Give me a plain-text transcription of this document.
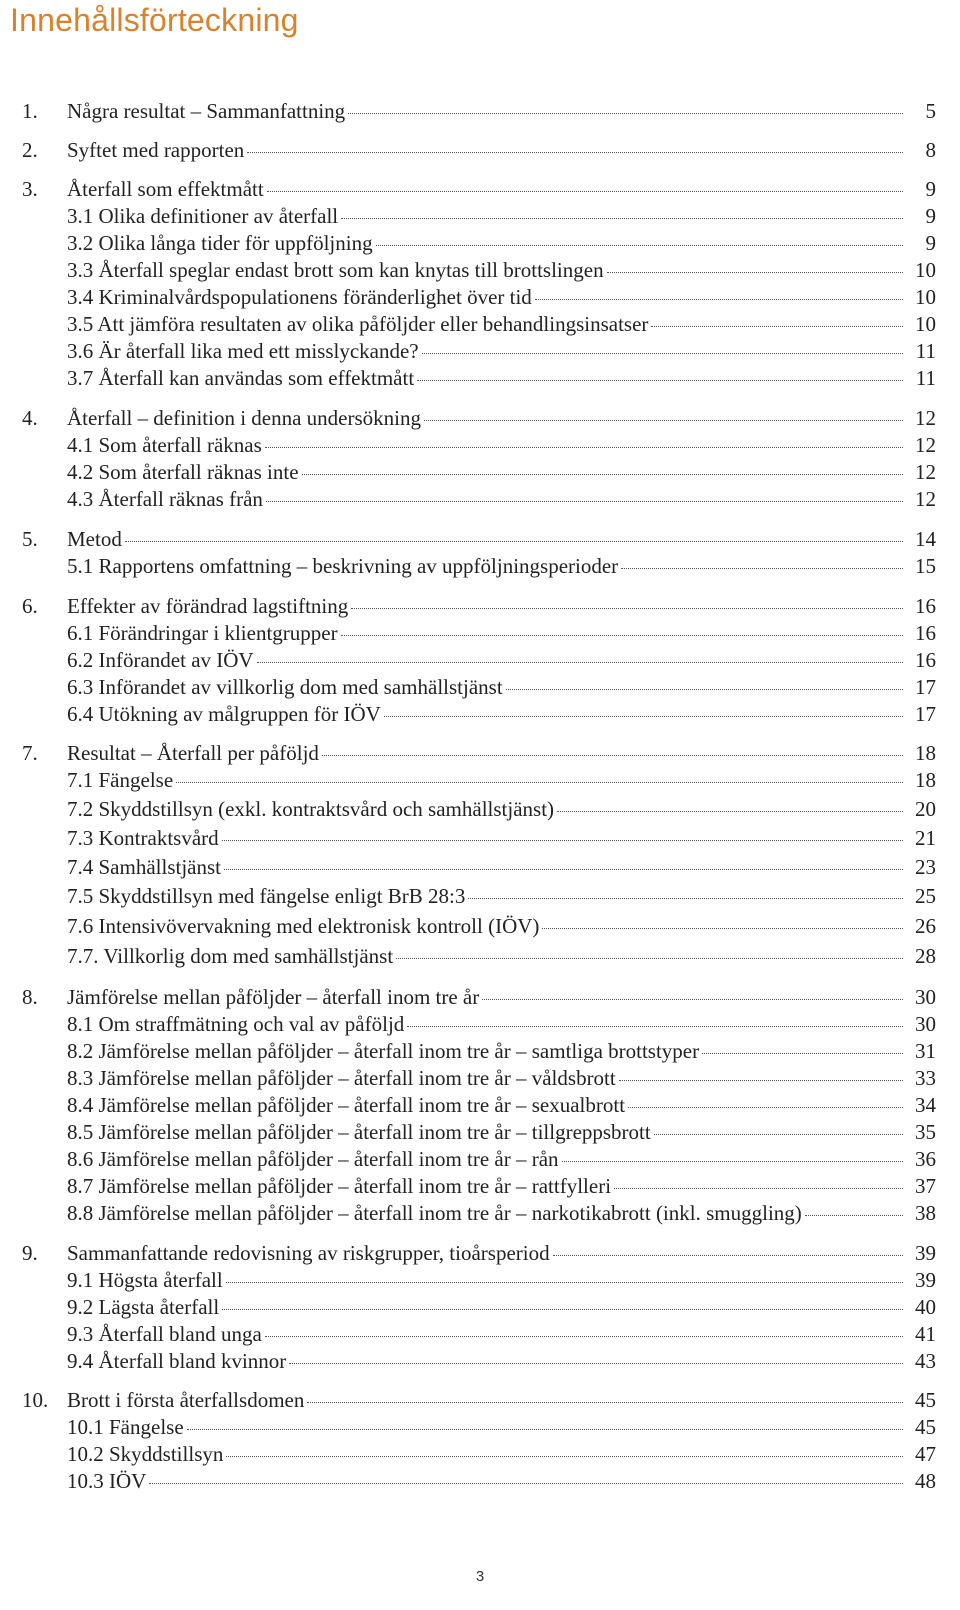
Innehållsförteckning
1.	Några resultat – Sammanfattning	5
2.	Syftet med rapporten	8
3.	Återfall som effektmått	9
3.1 Olika definitioner av återfall	9
3.2 Olika långa tider för uppföljning	9
3.3 Återfall speglar endast brott som kan knytas till brottslingen	10
3.4 Kriminalvårdspopulationens föränderlighet över tid	10
3.5 Att jämföra resultaten av olika påföljder eller behandlingsinsatser	10
3.6 Är återfall lika med ett misslyckande?	11
3.7 Återfall kan användas som effektmått	11
4.	Återfall – definition i denna undersökning	12
4.1 Som återfall räknas	12
4.2 Som återfall räknas inte	12
4.3 Återfall räknas från	12
5.	Metod	14
5.1 Rapportens omfattning – beskrivning av uppföljningsperioder	15
6.	Effekter av förändrad lagstiftning	16
6.1 Förändringar i klientgrupper	16
6.2 Införandet av IÖV	16
6.3 Införandet av villkorlig dom med samhällstjänst	17
6.4 Utökning av målgruppen för IÖV	17
7.	Resultat – Återfall per påföljd	18
7.1 Fängelse	18
7.2 Skyddstillsyn (exkl. kontraktsvård och samhällstjänst)	20
7.3 Kontraktsvård	21
7.4 Samhällstjänst	23
7.5 Skyddstillsyn med fängelse enligt BrB 28:3	25
7.6 Intensivövervakning med elektronisk kontroll (IÖV)	26
7.7. Villkorlig dom med samhällstjänst	28
8.	Jämförelse mellan påföljder – återfall inom tre år	30
8.1 Om straffmätning och val av påföljd	30
8.2 Jämförelse mellan påföljder – återfall inom tre år – samtliga brottstyper	31
8.3 Jämförelse mellan påföljder – återfall inom tre år – våldsbrott	33
8.4 Jämförelse mellan påföljder – återfall inom tre år – sexualbrott	34
8.5 Jämförelse mellan påföljder – återfall inom tre år – tillgreppsbrott	35
8.6 Jämförelse mellan påföljder – återfall inom tre år – rån	36
8.7 Jämförelse mellan påföljder – återfall inom tre år – rattfylleri	37
8.8 Jämförelse mellan påföljder – återfall inom tre år – narkotikabrott (inkl. smuggling)	38
9.	Sammanfattande redovisning av riskgrupper, tioårsperiod	39
9.1 Högsta återfall	39
9.2 Lägsta återfall	40
9.3 Återfall bland unga	41
9.4 Återfall bland kvinnor	43
10. Brott i första återfallsdomen	45
10.1 Fängelse	45
10.2 Skyddstillsyn	47
10.3 IÖV	48
3
